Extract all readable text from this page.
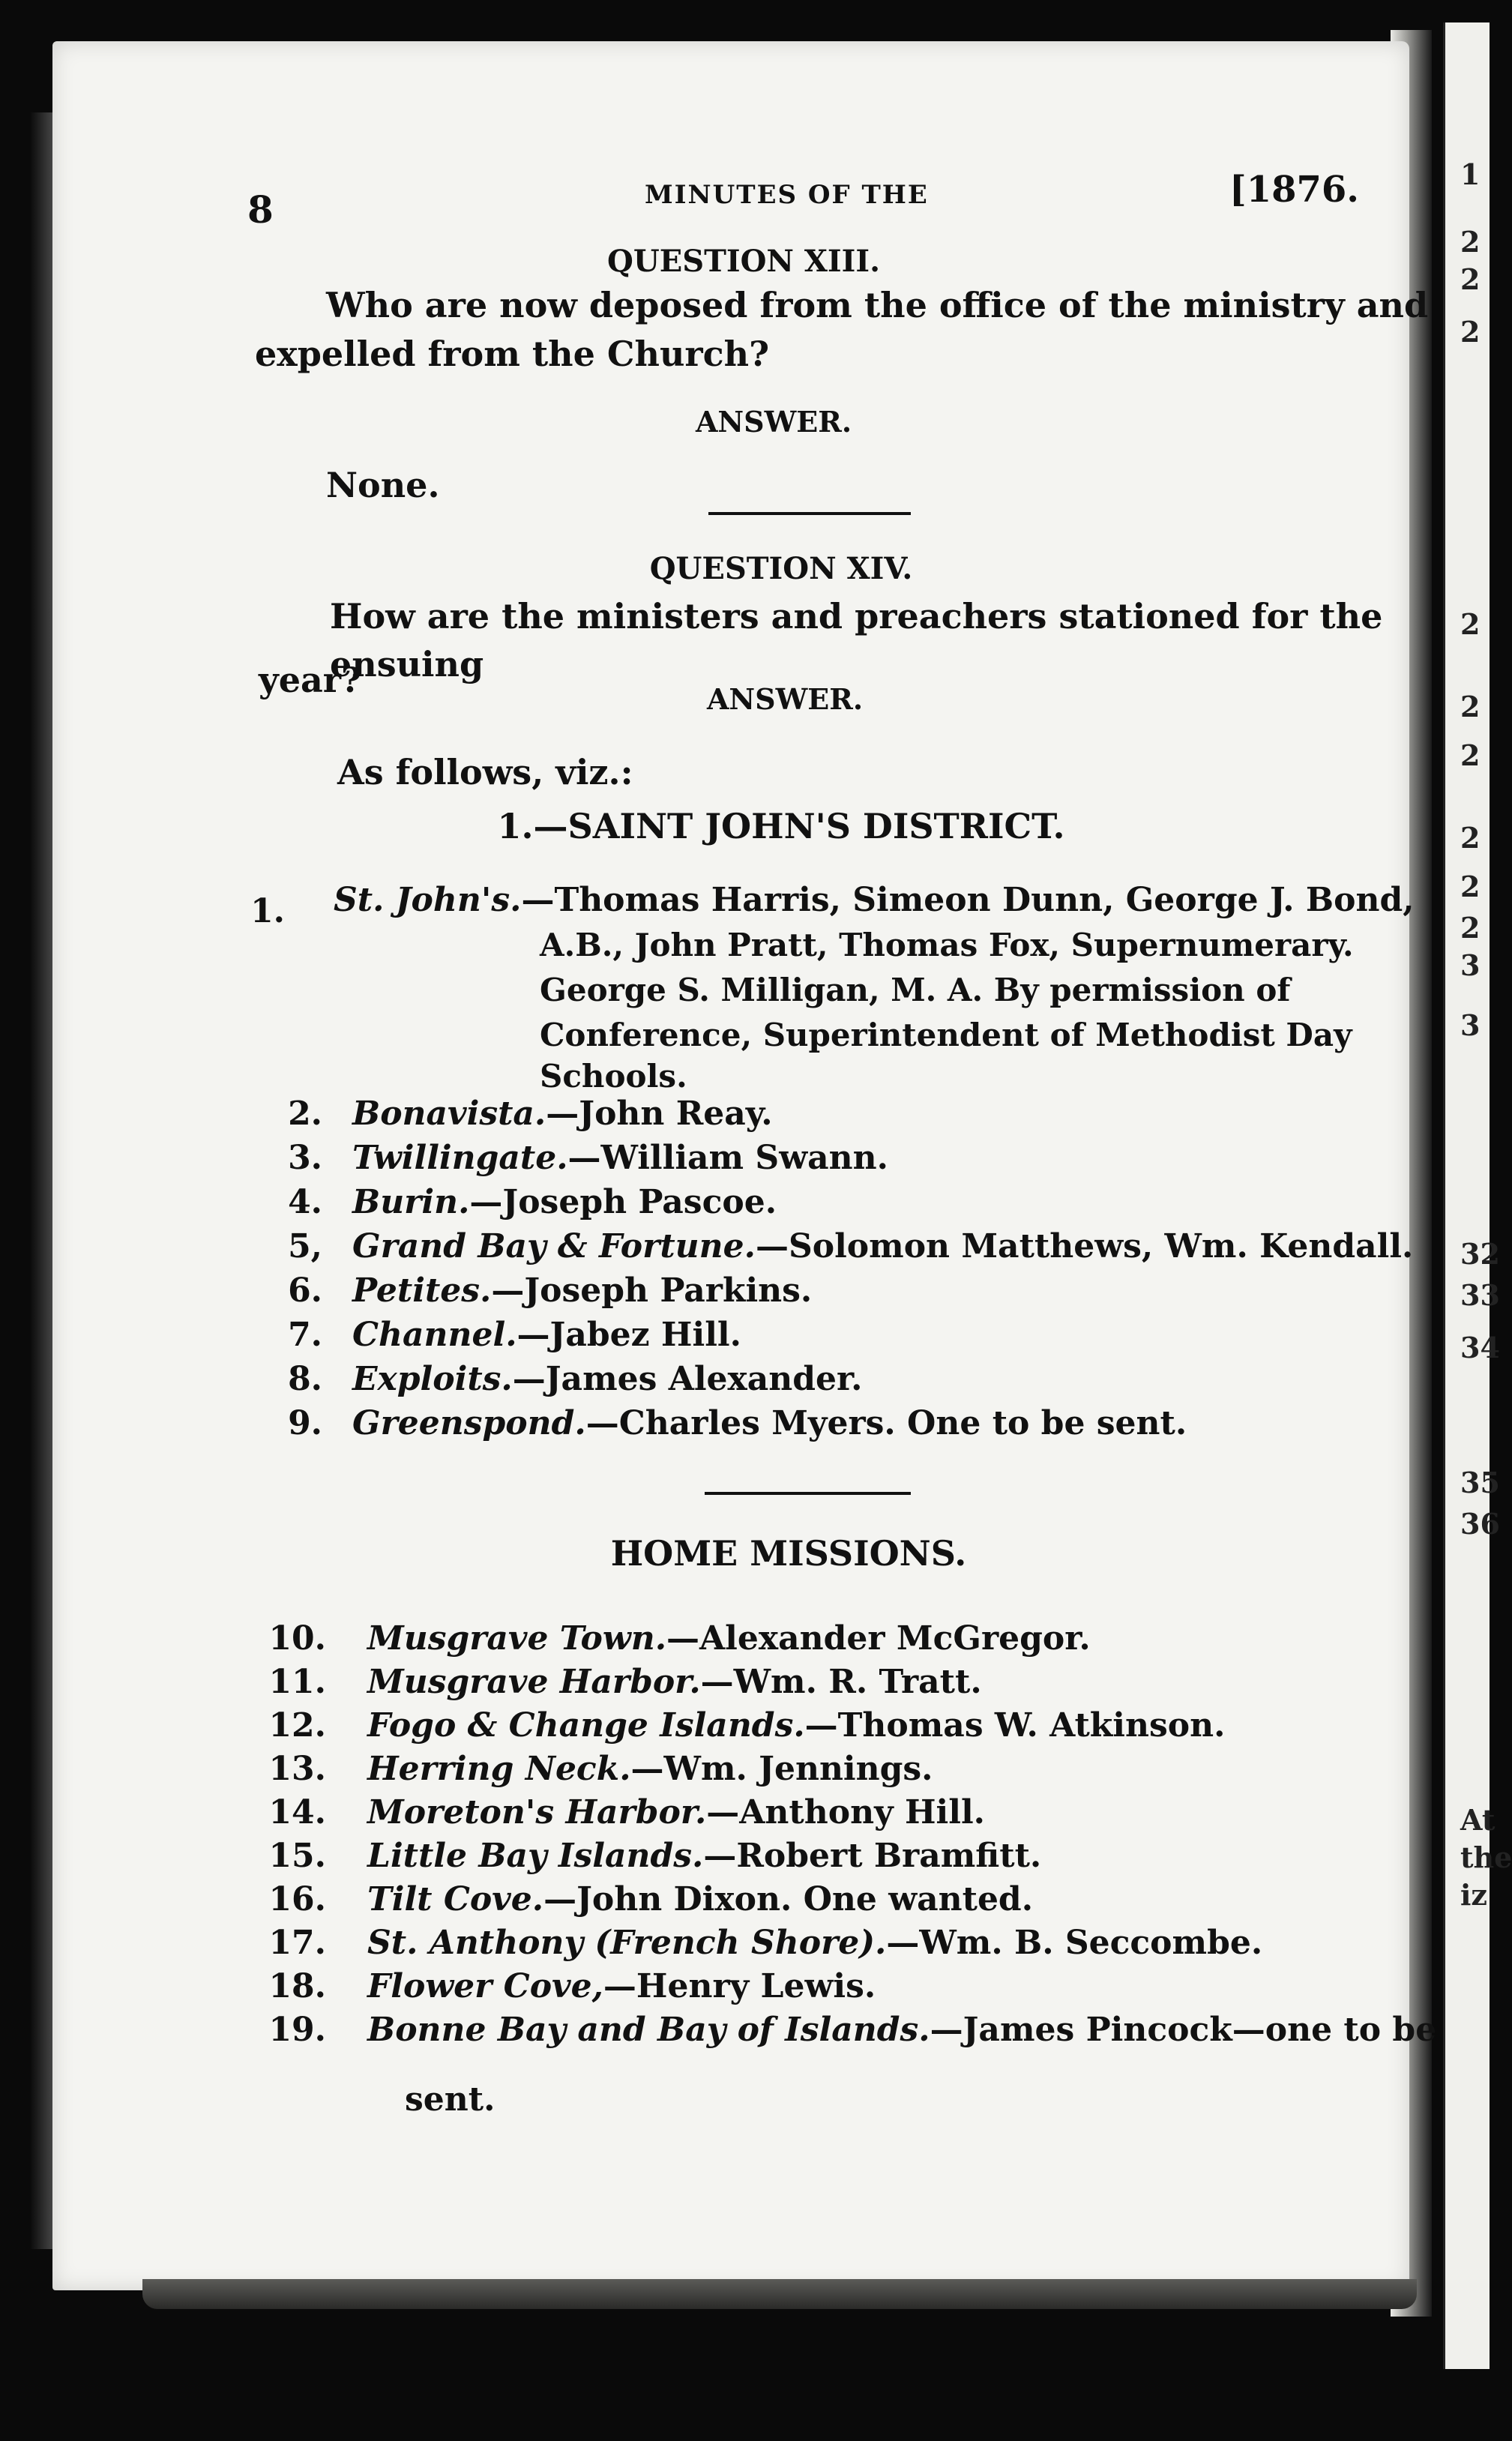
8	MINUTES OF THE	[1876.
QUESTION XIII.
Who are now deposed from the office of the ministry and
expelled from the Church?
ANSWER.
None.
QUESTION XIV.
How are the ministers and preachers stationed for the ensuing
year?	ANSWER.
As follows, viz.:
1.—SAINT JOHN'S DISTRICT.
1. St. John's.—Thomas Harris, Simeon Dunn, George J. Bond,
A.B., John Pratt, Thomas Fox, Supernumerary.
George S. Milligan, M. A. By permission of
Conference, Superintendent of Methodist Day
Schools.
2. Bonavista.—John Reay.
3. Twillingate.—William Swann.
4. Burin.—Joseph Pascoe.
5, Grand Bay & Fortune.—Solomon Matthews, Wm. Kendall.
6. Petites.—Joseph Parkins.
7. Channel.—Jabez Hill.
8. Exploits.—James Alexander.
9. Greenspond.—Charles Myers. One to be sent.
HOME MISSIONS.
10. Musgrave Town.—Alexander McGregor.
11. Musgrave Harbor.—Wm. R. Tratt.
12. Fogo & Change Islands.—Thomas W. Atkinson.
13. Herring Neck.—Wm. Jennings.
14. Moreton's Harbor.—Anthony Hill.
15. Little Bay Islands.—Robert Bramfitt.
16. Tilt Cove.—John Dixon. One wanted.
17. St. Anthony (French Shore).—Wm. B. Seccombe.
18. Flower Cove,—Henry Lewis.
19. Bonne Bay and Bay of Islands.—James Pincock—one to be
sent.
1
2
2
2
2
2
2
2
2
2
3
3
32
33
34
35
36
At
the
iz
